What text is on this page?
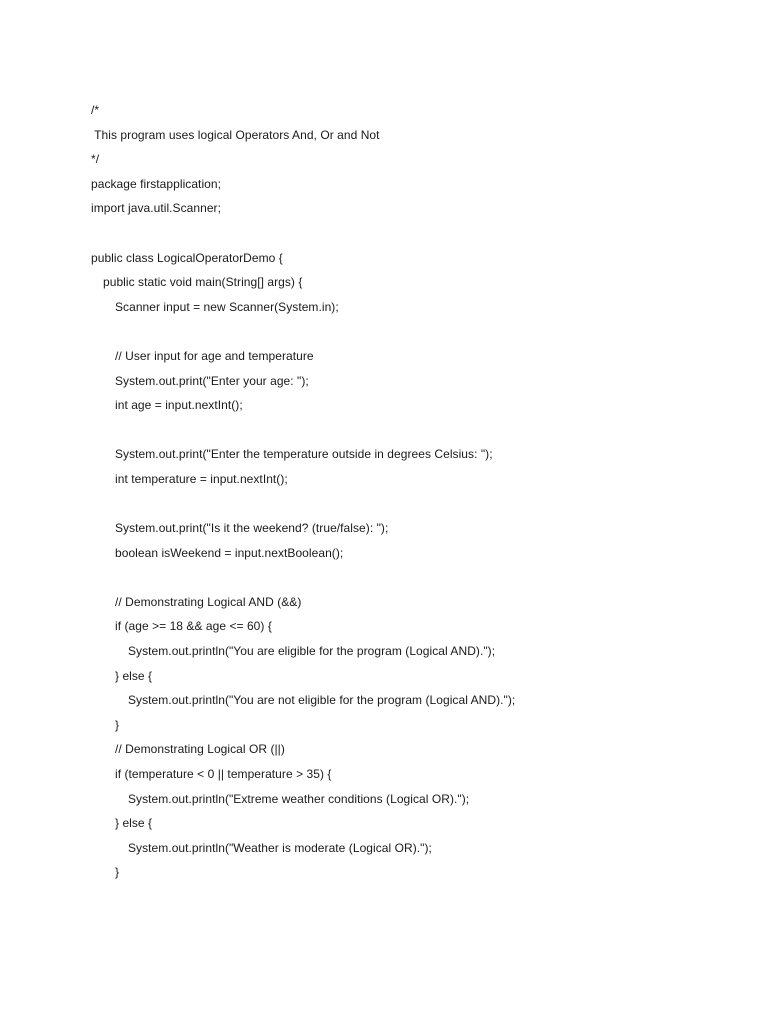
/*
This program uses logical Operators And, Or and Not
*/
package firstapplication;
import java.util.Scanner;
public class LogicalOperatorDemo {
public static void main(String[] args) {
Scanner input = new Scanner(System.in);
// User input for age and temperature
System.out.print("Enter your age: ");
int age = input.nextInt();
System.out.print("Enter the temperature outside in degrees Celsius: ");
int temperature = input.nextInt();
System.out.print("Is it the weekend? (true/false): ");
boolean isWeekend = input.nextBoolean();
// Demonstrating Logical AND (&&)
if (age >= 18 && age <= 60) {
System.out.println("You are eligible for the program (Logical AND).");
} else {
System.out.println("You are not eligible for the program (Logical AND).");
}
// Demonstrating Logical OR (||)
if (temperature < 0 || temperature > 35) {
System.out.println("Extreme weather conditions (Logical OR).");
} else {
System.out.println("Weather is moderate (Logical OR).");
}
